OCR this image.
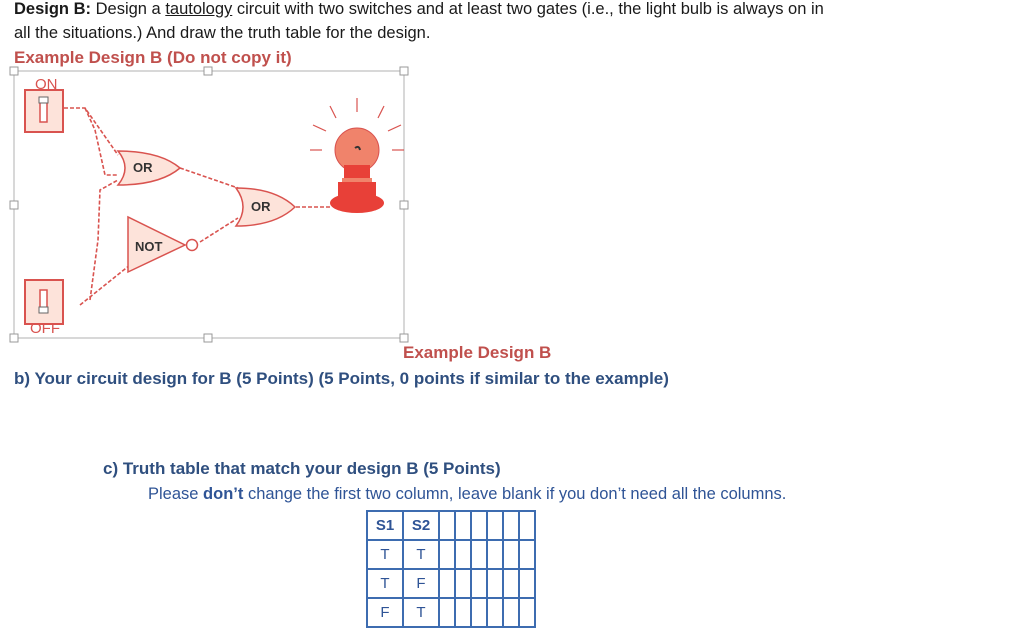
Design B: Design a tautology circuit with two switches and at least two gates (i.e., the light bulb is always on in
all the situations.) And draw the truth table for the design.
Example Design B (Do not copy it)
ON
OFF
OR
OR
NOT
Example Design B
b) Your circuit design for B (5 Points) (5 Points, 0 points if similar to the example)
c) Truth table that match your design B (5 Points)
Please don’t change the first two column, leave blank if you don’t need all the columns.
S1	S2						
T	T						
T	F						
F	T						
